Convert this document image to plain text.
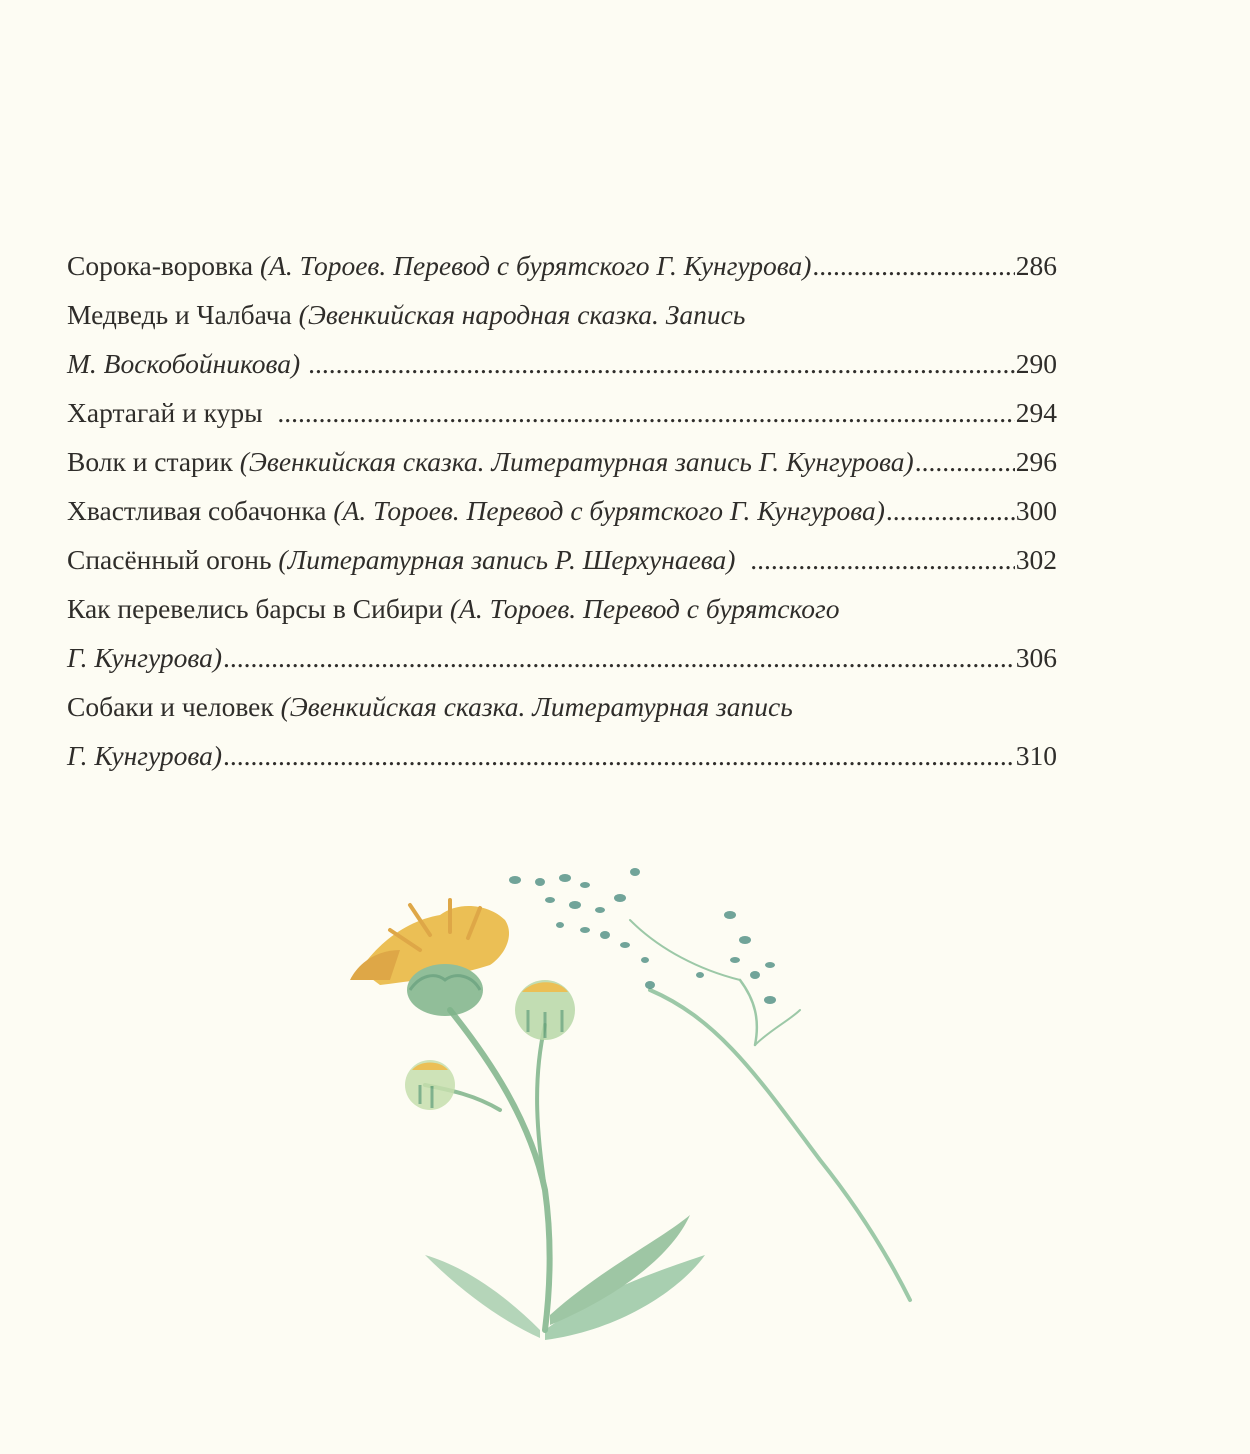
Сорока-воровка
(А. Тороев. Перевод с бурятского Г. Кунгурова) .....	286
Медведь и Чалбача
(Эвенкийская народная сказка. Запись
М. Воскобойникова)
.....	290
Хартагай и куры
.....	294
Волк и старик
(Эвенкийская сказка. Литературная запись Г. Кунгурова) .....	296
Хвастливая собачонка
(А. Тороев. Перевод с бурятского Г. Кунгурова) .....	300
Спасённый огонь
(Литературная запись Р. Шерхунаева)
.....	302
Как перевелись барсы в Сибири
(А. Тороев. Перевод с бурятского
Г. Кунгурова) .....	306
Собаки и человек
(Эвенкийская сказка. Литературная запись
Г. Кунгурова) .....	310
